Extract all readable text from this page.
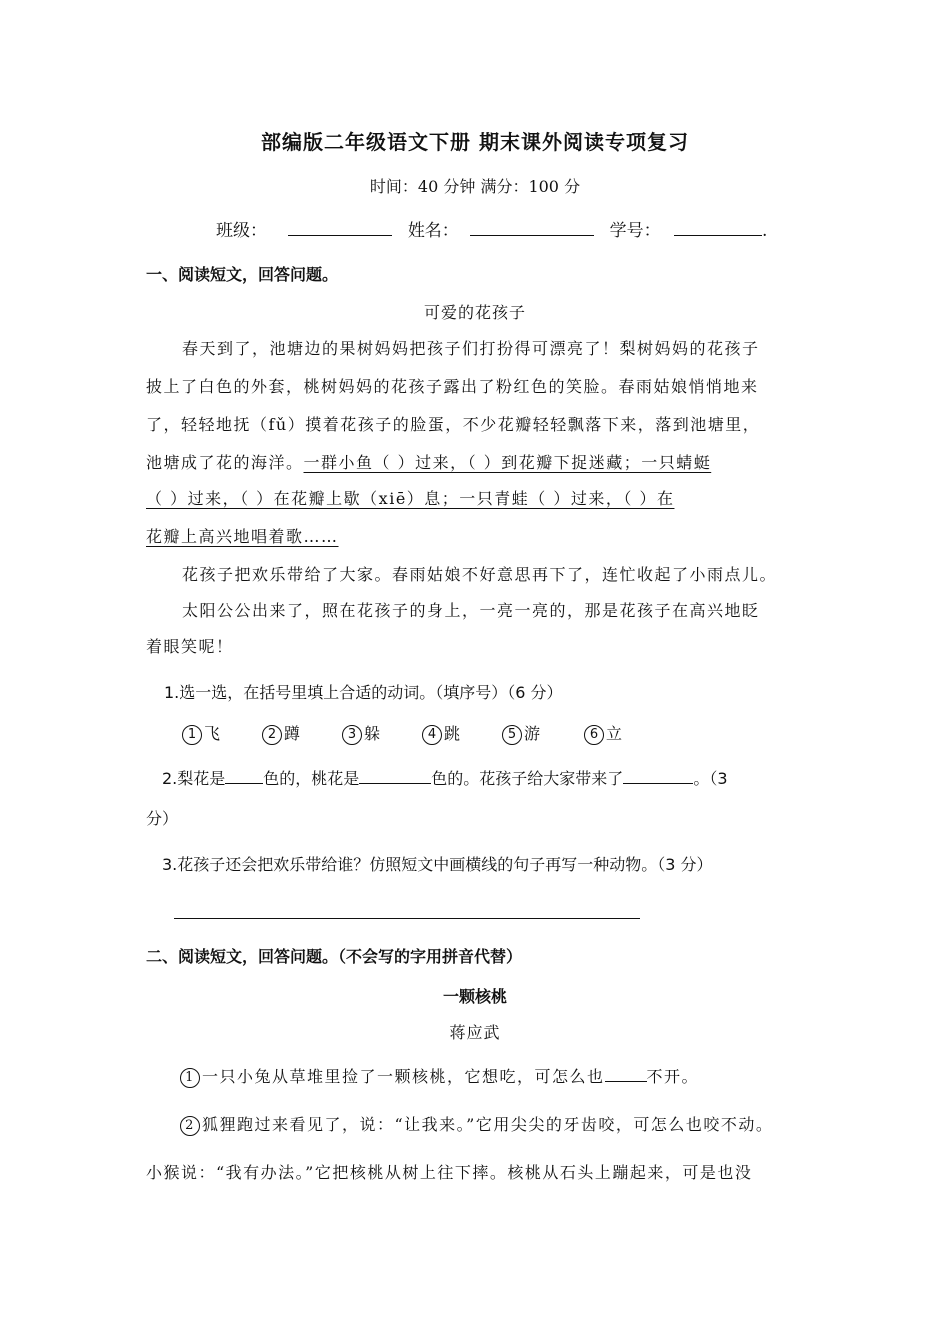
部编版二年级语文下册 期末课外阅读专项复习
时间：40 分钟 满分：100 分
班级：	姓名：	学号：	.
一、阅读短文，回答问题。
可爱的花孩子
春天到了，池塘边的果树妈妈把孩子们打扮得可漂亮了！梨树妈妈的花孩子
披上了白色的外套，桃树妈妈的花孩子露出了粉红色的笑脸。春雨姑娘悄悄地来
了，轻轻地抚（fǔ）摸着花孩子的脸蛋，不少花瓣轻轻飘落下来，落到池塘里，
池塘成了花的海洋。一群小鱼（ ）过来，（ ）到花瓣下捉迷藏；一只蜻蜓
（ ）过来，（ ）在花瓣上歇（xiē）息；一只青蛙（ ）过来，（ ）在
花瓣上高兴地唱着歌……
花孩子把欢乐带给了大家。春雨姑娘不好意思再下了，连忙收起了小雨点儿。
太阳公公出来了，照在花孩子的身上，一亮一亮的，那是花孩子在高兴地眨
着眼笑呢！
1.选一选，在括号里填上合适的动词。（填序号）（6 分）
1 飞	2 蹲	3 躲	4 跳	5 游	6 立
2.梨花是 色的，桃花是	色的。花孩子给大家带来了	。（3
分）
3.花孩子还会把欢乐带给谁？仿照短文中画横线的句子再写一种动物。（3 分）
二、阅读短文，回答问题。（不会写的字用拼音代替）
一颗核桃
蒋应武
1 一只小兔从草堆里捡了一颗核桃，它想吃，可怎么也	不开。
2 狐狸跑过来看见了，说：“让我来。”它用尖尖的牙齿咬，可怎么也咬不动。
小猴说：“我有办法。”它把核桃从树上往下摔。核桃从石头上蹦起来，可是也没
